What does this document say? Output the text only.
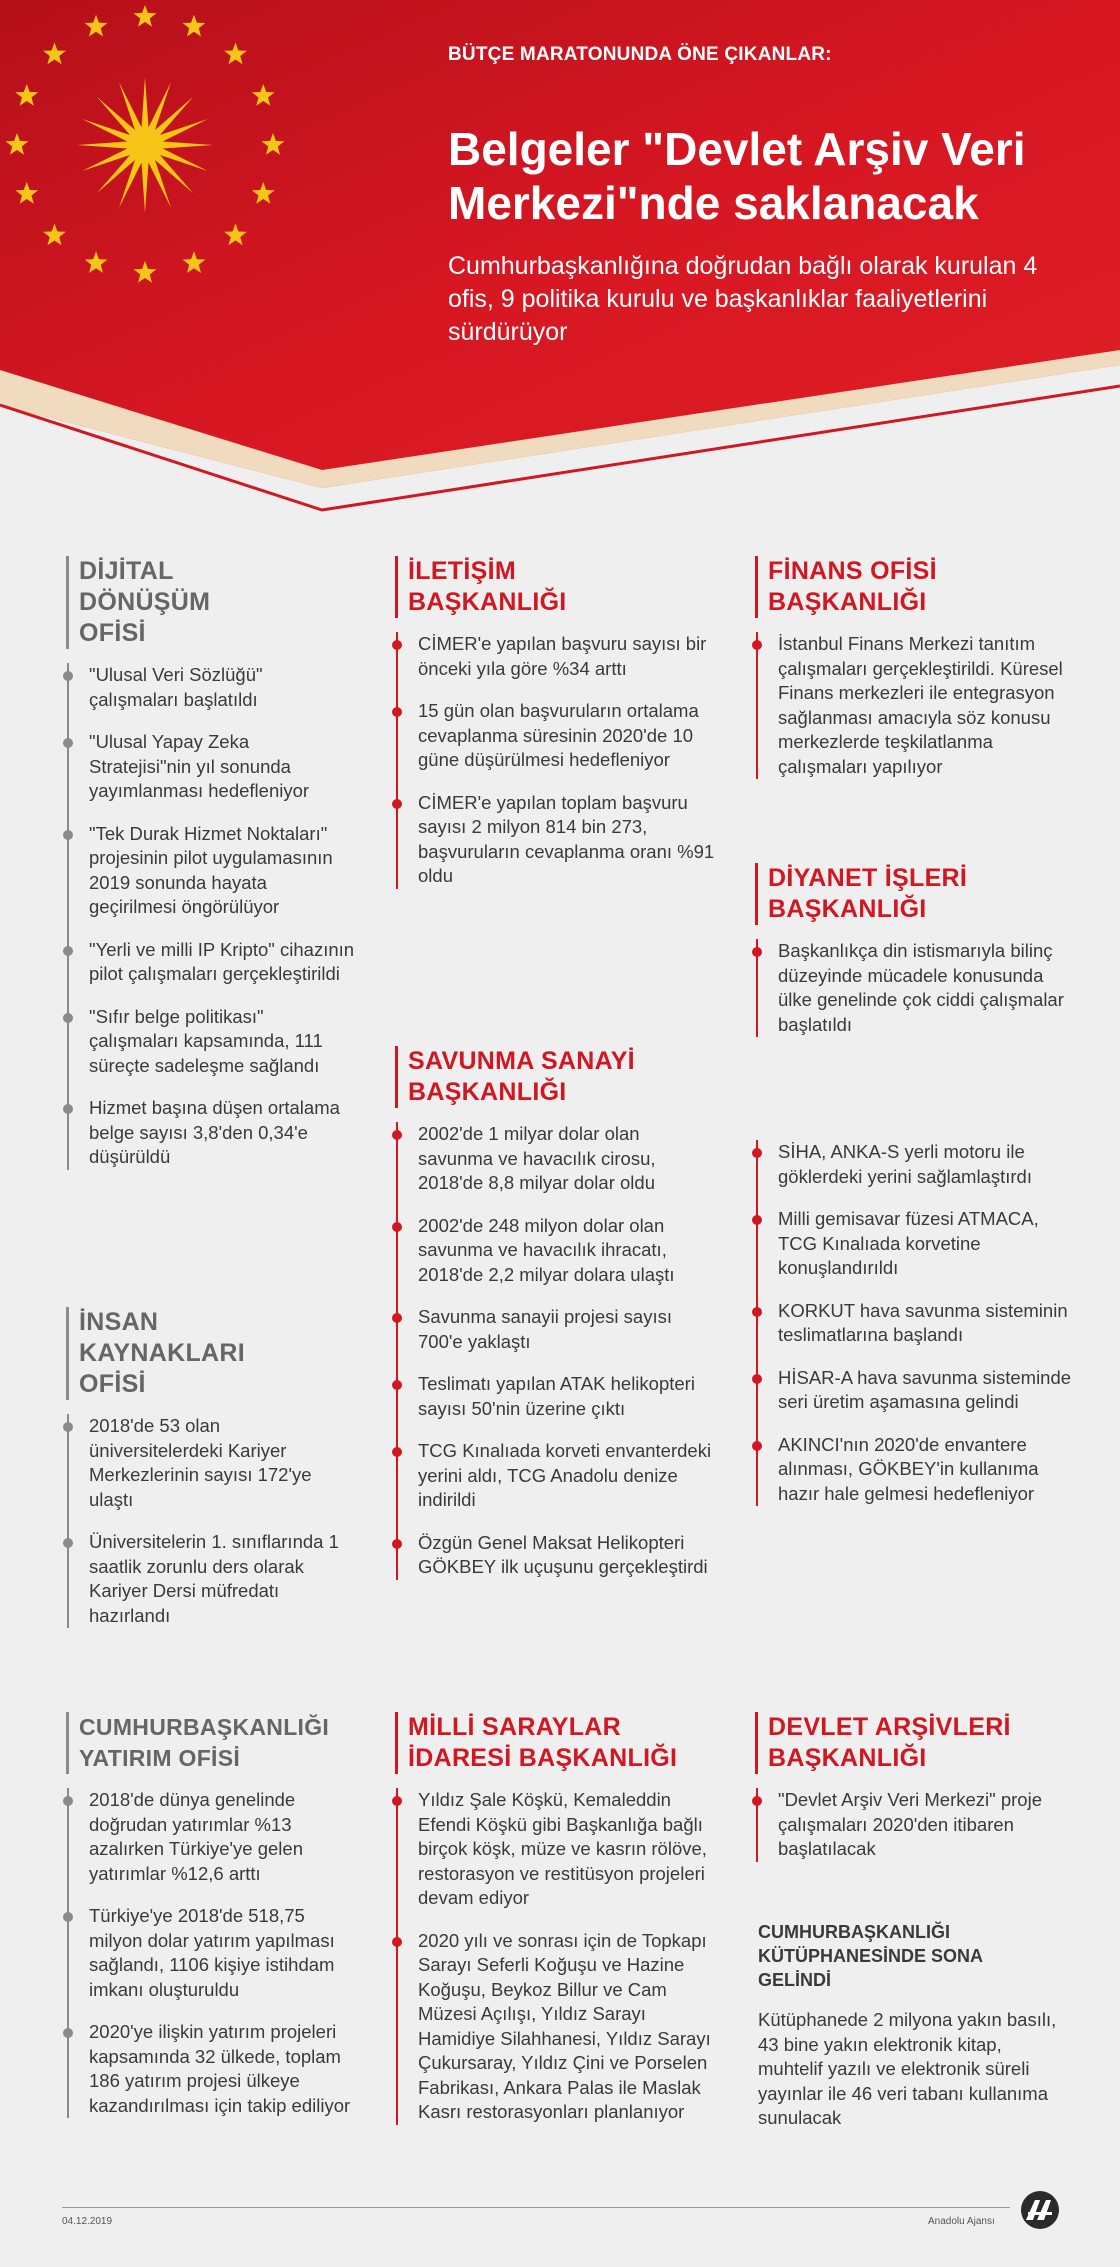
BÜTÇE MARATONUNDA ÖNE ÇIKANLAR:
Belgeler "Devlet Arşiv Veri Merkezi"nde saklanacak
Cumhurbaşkanlığına doğrudan bağlı olarak kurulan 4 ofis, 9 politika kurulu ve başkanlıklar faaliyetlerini sürdürüyor
DİJİTAL DÖNÜŞÜM OFİSİ
"Ulusal Veri Sözlüğü" çalışmaları başlatıldı
"Ulusal Yapay Zeka Stratejisi"nin yıl sonunda yayımlanması hedefleniyor
"Tek Durak Hizmet Noktaları" projesinin pilot uygulamasının 2019 sonunda hayata geçirilmesi öngörülüyor
"Yerli ve milli IP Kripto" cihazının pilot çalışmaları gerçekleştirildi
"Sıfır belge politikası" çalışmaları kapsamında, 111 süreçte sadeleşme sağlandı
Hizmet başına düşen ortalama belge sayısı 3,8'den 0,34'e düşürüldü
İNSAN KAYNAKLARI OFİSİ
2018'de 53 olan üniversitelerdeki Kariyer Merkezlerinin sayısı 172'ye ulaştı
Üniversitelerin 1. sınıflarında 1 saatlik zorunlu ders olarak Kariyer Dersi müfredatı hazırlandı
CUMHURBAŞKANLIĞI YATIRIM OFİSİ
2018'de dünya genelinde doğrudan yatırımlar %13 azalırken Türkiye'ye gelen yatırımlar %12,6 arttı
Türkiye'ye 2018'de 518,75 milyon dolar yatırım yapılması sağlandı, 1106 kişiye istihdam imkanı oluşturuldu
2020'ye ilişkin yatırım projeleri kapsamında 32 ülkede, toplam 186 yatırım projesi ülkeye kazandırılması için takip ediliyor
İLETİŞİM BAŞKANLIĞI
CİMER'e yapılan başvuru sayısı bir önceki yıla göre %34 arttı
15 gün olan başvuruların ortalama cevaplanma süresinin 2020'de 10 güne düşürülmesi hedefleniyor
CİMER'e yapılan toplam başvuru sayısı 2 milyon 814 bin 273, başvuruların cevaplanma oranı %91 oldu
SAVUNMA SANAYİ BAŞKANLIĞI
2002'de 1 milyar dolar olan savunma ve havacılık cirosu, 2018'de 8,8 milyar dolar oldu
2002'de 248 milyon dolar olan savunma ve havacılık ihracatı, 2018'de 2,2 milyar dolara ulaştı
Savunma sanayii projesi sayısı 700'e yaklaştı
Teslimatı yapılan ATAK helikopteri sayısı 50'nin üzerine çıktı
TCG Kınalıada korveti envanterdeki yerini aldı, TCG Anadolu denize indirildi
Özgün Genel Maksat Helikopteri GÖKBEY ilk uçuşunu gerçekleştirdi
MİLLİ SARAYLAR İDARESİ BAŞKANLIĞI
Yıldız Şale Köşkü, Kemaleddin Efendi Köşkü gibi Başkanlığa bağlı birçok köşk, müze ve kasrın rölöve, restorasyon ve restitüsyon projeleri devam ediyor
2020 yılı ve sonrası için de Topkapı Sarayı Seferli Koğuşu ve Hazine Koğuşu, Beykoz Billur ve Cam Müzesi Açılışı, Yıldız Sarayı Hamidiye Silahhanesi, Yıldız Sarayı Çukursaray, Yıldız Çini ve Porselen Fabrikası, Ankara Palas ile Maslak Kasrı restorasyonları planlanıyor
FİNANS OFİSİ BAŞKANLIĞI
İstanbul Finans Merkezi tanıtım çalışmaları gerçekleştirildi. Küresel Finans merkezleri ile entegrasyon sağlanması amacıyla söz konusu merkezlerde teşkilatlanma çalışmaları yapılıyor
DİYANET İŞLERİ BAŞKANLIĞI
Başkanlıkça din istismarıyla bilinç düzeyinde mücadele konusunda ülke genelinde çok ciddi çalışmalar başlatıldı
SİHA, ANKA-S yerli motoru ile göklerdeki yerini sağlamlaştırdı
Milli gemisavar füzesi ATMACA, TCG Kınalıada korvetine konuşlandırıldı
KORKUT hava savunma sisteminin teslimatlarına başlandı
HİSAR-A hava savunma sisteminde seri üretim aşamasına gelindi
AKINCI'nın 2020'de envantere alınması, GÖKBEY'in kullanıma hazır hale gelmesi hedefleniyor
DEVLET ARŞİVLERİ BAŞKANLIĞI
"Devlet Arşiv Veri Merkezi" proje çalışmaları 2020'den itibaren başlatılacak
CUMHURBAŞKANLIĞI KÜTÜPHANESİNDE SONA GELİNDİ
Kütüphanede 2 milyona yakın basılı, 43 bine yakın elektronik kitap, muhtelif yazılı ve elektronik süreli yayınlar ile 46 veri tabanı kullanıma sunulacak
04.12.2019	Anadolu Ajansı
